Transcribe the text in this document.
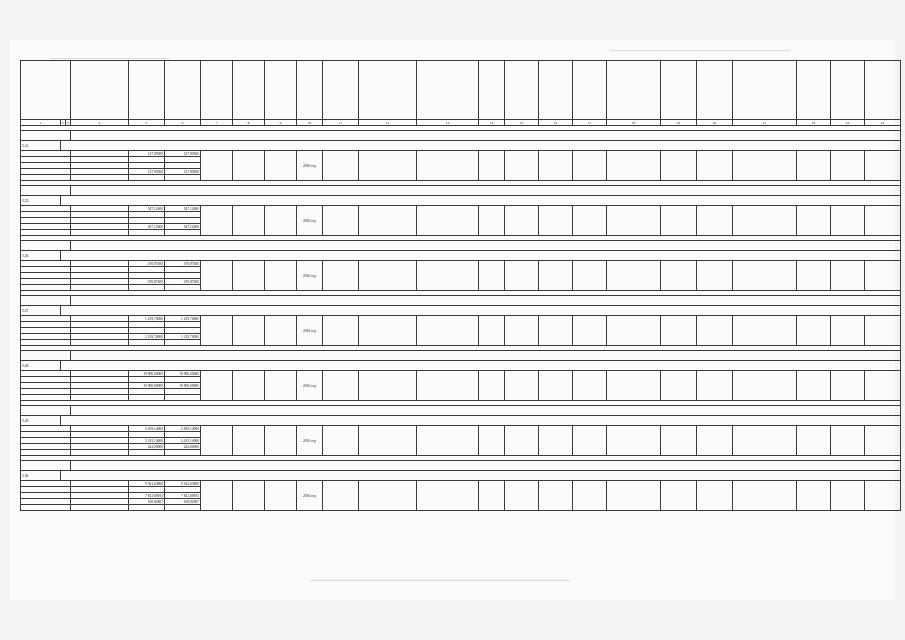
1	2	3	4	5	6	7	8	9	10	11	12	13	14	15	16	17	18	19	20	21	22	23	24

5.21.																							
				127,90500	127,90500				2016 год														

				127,90500	127,90500																		

5.25.																							
				547,12600	547,12600				2016 год														

				547,12600	547,12600																		

5.26.																							
				470,87400	470,87400				2016 год														

				470,87400	470,87400																		

5.27.																							
				1 219,70000	1 219,70000				2016 год														

				1 219,70000	1 219,70000																		

5.28.																							
				19 900,00000	19 900,00000				2016 год														

				19 900,00000	19 900,00000																		

5.29.																							
				2 659,14000	2 659,14000				2016 год														

				2 415,14000	2 415,14000																		
				244,00000	244,00000																		

5.30.																							
				9 922,63800	9 922,63800				2016 год														

				7 821,80933	7 821,80933																		
				100,82867	100,82867																		
